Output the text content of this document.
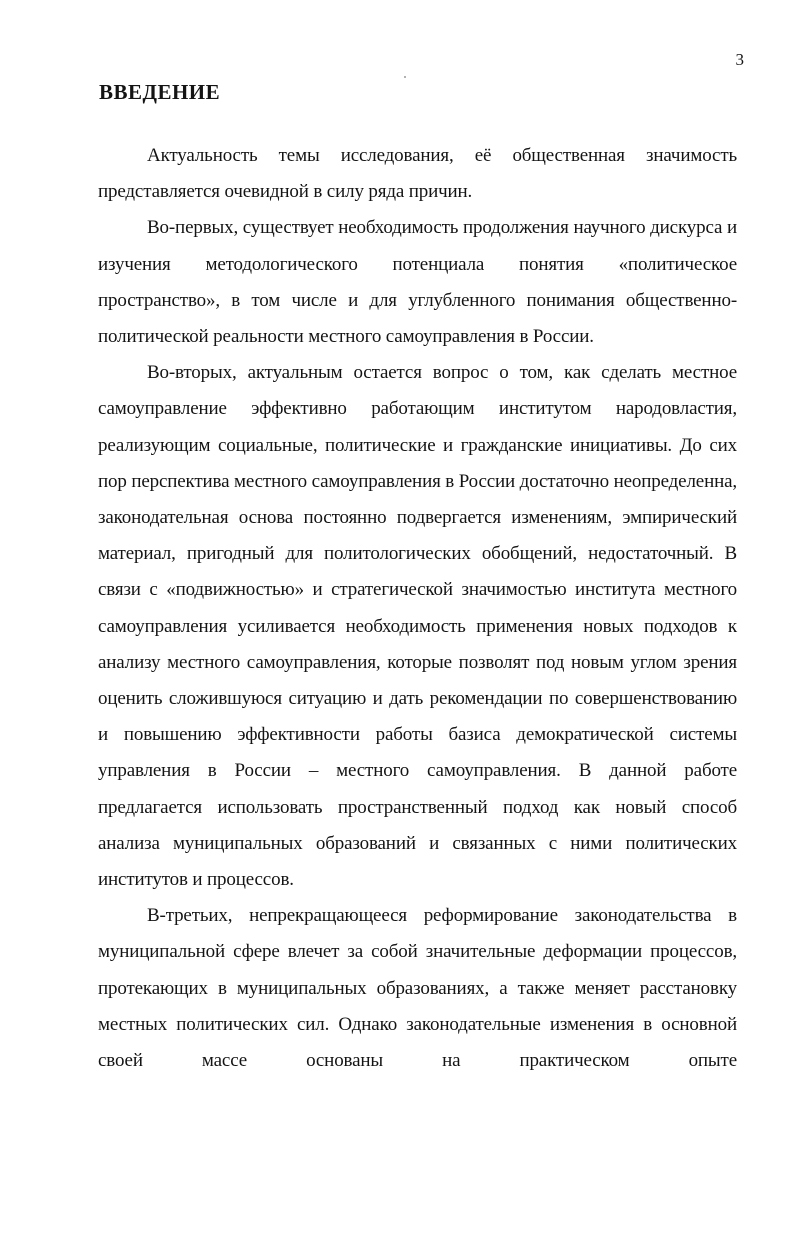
3
ВВЕДЕНИЕ

Актуальность темы исследования, её общественная значимость представляется очевидной в силу ряда причин.

Во-первых, существует необходимость продолжения научного дискурса и изучения методологического потенциала понятия «политическое пространство», в том числе и для углубленного понимания общественно-политической реальности местного самоуправления в России.

Во-вторых, актуальным остается вопрос о том, как сделать местное самоуправление эффективно работающим институтом народовластия, реализующим социальные, политические и гражданские инициативы. До сих пор перспектива местного самоуправления в России достаточно неопределенна, законодательная основа постоянно подвергается изменениям, эмпирический материал, пригодный для политологических обобщений, недостаточный. В связи с «подвижностью» и стратегической значимостью института местного самоуправления усиливается необходимость применения новых подходов к анализу местного самоуправления, которые позволят под новым углом зрения оценить сложившуюся ситуацию и дать рекомендации по совершенствованию и повышению эффективности работы базиса демократической системы управления в России – местного самоуправления. В данной работе предлагается использовать пространственный подход как новый способ анализа муниципальных образований и связанных с ними политических институтов и процессов.

В-третьих, непрекращающееся реформирование законодательства в муниципальной сфере влечет за собой значительные деформации процессов, протекающих в муниципальных образованиях, а также меняет расстановку местных политических сил. Однако законодательные изменения в основной своей массе основаны на практическом опыте
